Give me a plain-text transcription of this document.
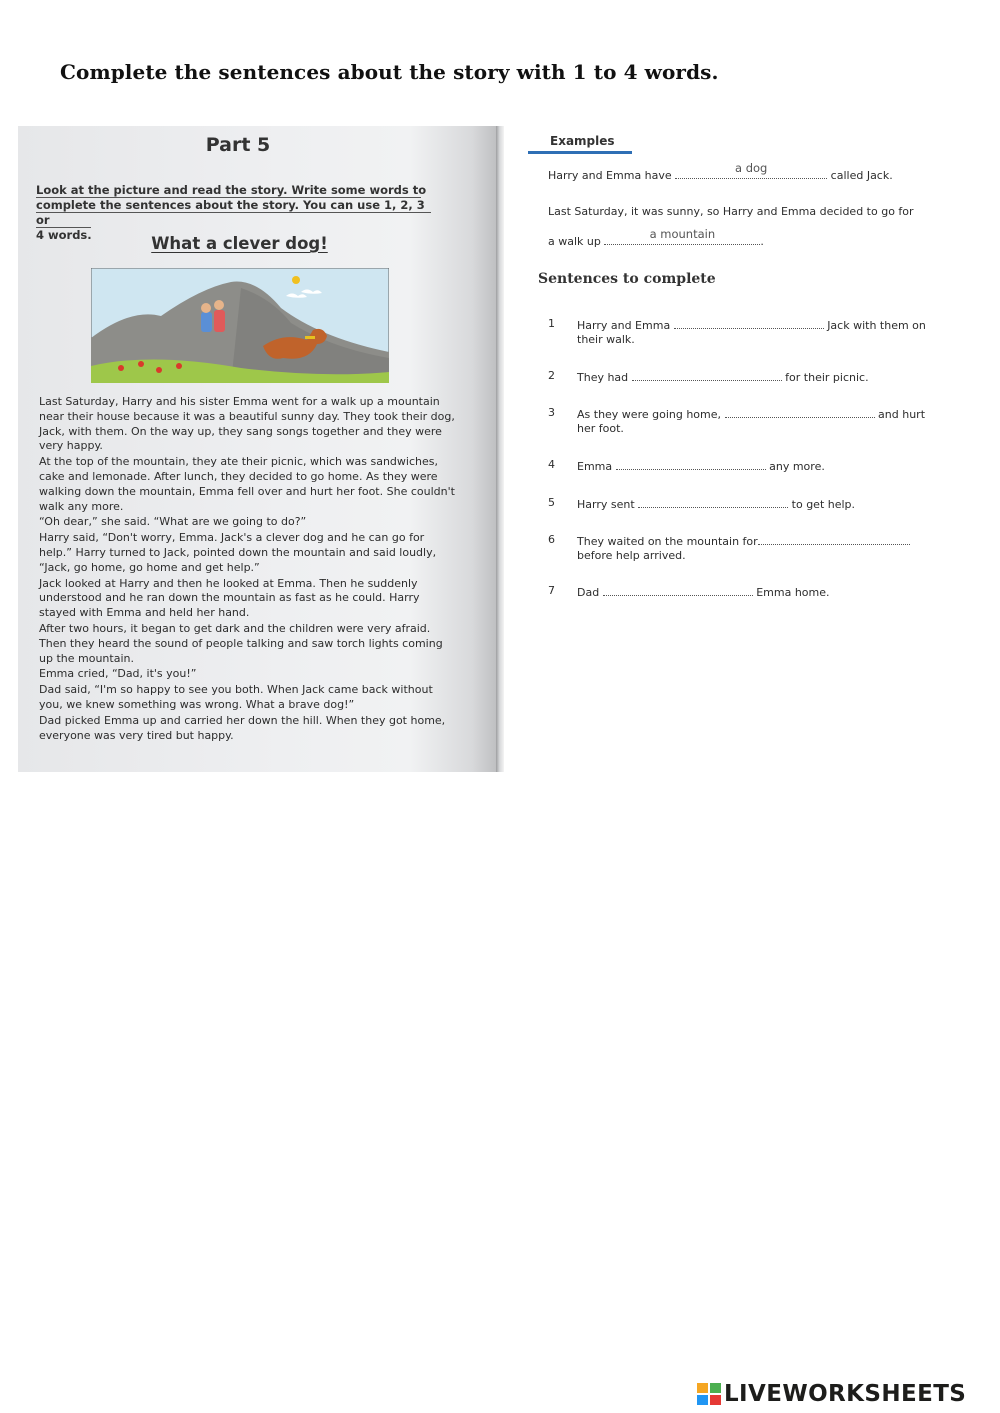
Complete the sentences about the story with 1 to 4 words.
Part 5
Look at the picture and read the story. Write some words to
complete the sentences about the story. You can use 1, 2, 3 or
4 words.	What a clever dog!

Last Saturday, Harry and his sister Emma went for a walk up a mountain near their house because it was a beautiful sunny day. They took their dog, Jack, with them. On the way up, they sang songs together and they were very happy.

At the top of the mountain, they ate their picnic, which was sandwiches, cake and lemonade. After lunch, they decided to go home. As they were walking down the mountain, Emma fell over and hurt her foot. She couldn't walk any more.

“Oh dear,” she said. “What are we going to do?”

Harry said, “Don't worry, Emma. Jack's a clever dog and he can go for help.” Harry turned to Jack, pointed down the mountain and said loudly, “Jack, go home, go home and get help.”

Jack looked at Harry and then he looked at Emma. Then he suddenly understood and he ran down the mountain as fast as he could. Harry stayed with Emma and held her hand.

After two hours, it began to get dark and the children were very afraid. Then they heard the sound of people talking and saw torch lights coming up the mountain.

Emma cried, “Dad, it's you!”

Dad said, “I'm so happy to see you both. When Jack came back without you, we knew something was wrong. What a brave dog!”

Dad picked Emma up and carried her down the hill. When they got home, everyone was very tired but happy.

Examples
Harry and Emma have
a dog
called Jack.
Last Saturday, it was sunny, so Harry and Emma decided to go for
a walk up
a mountain
.
Sentences to complete
1	Harry and Emma	Jack with them on
their walk.
2	They had	for their picnic.
3	As they were going home,	and hurt
her foot.
4	Emma	any more.
5	Harry sent	to get help.
6	They waited on the mountain for
before help arrived.
7	Dad	Emma home.
LIVEWORKSHEETS
